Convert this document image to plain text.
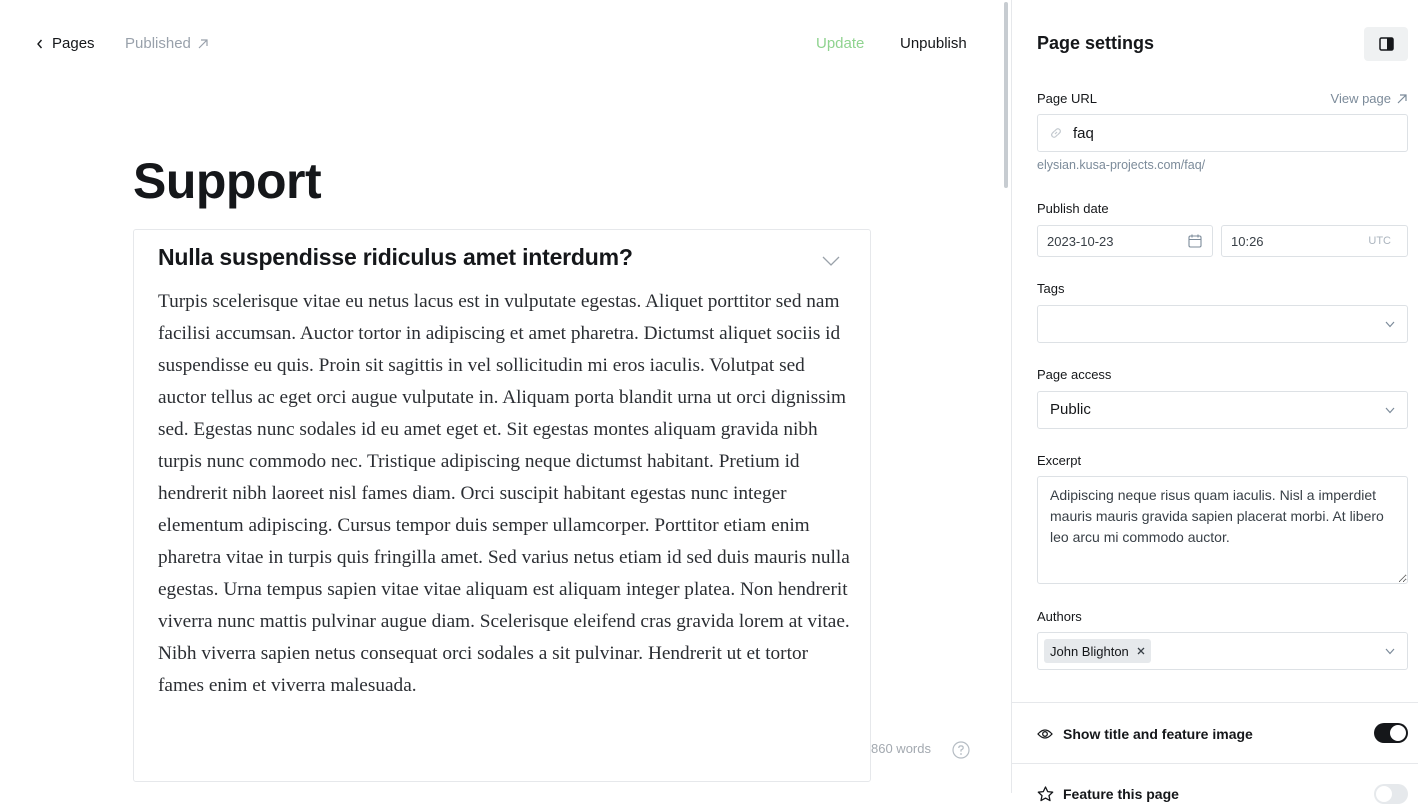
Pages Published	Update Unpublish
Support
Nulla suspendisse ridiculus amet interdum?
Turpis scelerisque vitae eu netus lacus est in vulputate egestas. Aliquet porttitor sed nam facilisi accumsan. Auctor tortor in adipiscing et amet pharetra. Dictumst aliquet sociis id suspendisse eu quis. Proin sit sagittis in vel sollicitudin mi eros iaculis. Volutpat sed auctor tellus ac eget orci augue vulputate in. Aliquam porta blandit urna ut orci dignissim sed. Egestas nunc sodales id eu amet eget et. Sit egestas montes aliquam gravida nibh turpis nunc commodo nec. Tristique adipiscing neque dictumst habitant. Pretium id hendrerit nibh laoreet nisl fames diam. Orci suscipit habitant egestas nunc integer elementum adipiscing. Cursus tempor duis semper ullamcorper. Porttitor etiam enim pharetra vitae in turpis quis fringilla amet. Sed varius netus etiam id sed duis mauris nulla egestas. Urna tempus sapien vitae vitae aliquam est aliquam integer platea. Non hendrerit viverra nunc mattis pulvinar augue diam. Scelerisque eleifend cras gravida lorem at vitae. Nibh viverra sapien netus consequat orci sodales a sit pulvinar. Hendrerit ut et tortor fames enim et viverra malesuada.
860 words
Page settings
Page URL	View page
faq
elysian.kusa-projects.com/faq/
Publish date
2023-10-23
10:26	UTC
Tags
Page access
Public
Excerpt
Adipiscing neque risus quam iaculis. Nisl a imperdiet mauris mauris gravida sapien placerat morbi. At libero leo arcu mi commodo auctor.
Authors
John Blighton
Show title and feature image
Feature this page
